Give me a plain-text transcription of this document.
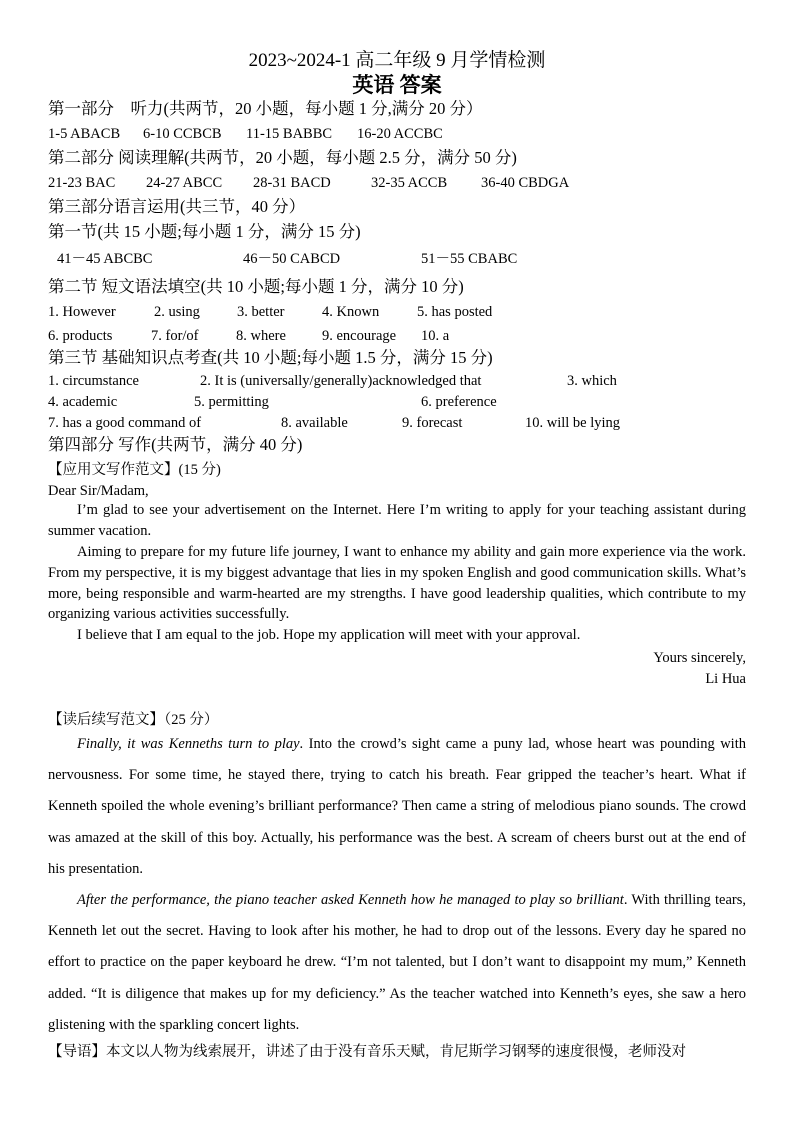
2023~2024-1 高二年级 9 月学情检测
英语 答案
第一部分　听力(共两节，20 小题，每小题 1 分,满分 20 分）
1-5 ABACB 6-10 CCBCB 11-15 BABBC 16-20 ACCBC
第二部分 阅读理解(共两节，20 小题，每小题 2.5 分，满分 50 分)
21-23 BAC 24-27 ABCC 28-31 BACD	32-35 ACCB 36-40 CBDGA
第三部分语言运用(共三节，40 分）
第一节(共 15 小题;每小题 1 分，满分 15 分)
41－45 ABCBC	46－50 CABCD	51－55 CBABC
第二节 短文语法填空(共 10 小题;每小题 1 分，满分 10 分)
1. However	2. using	3. better	4. Known	5. has posted
6. products	7. for/of	8. where 9. encourage 10. a
第三节 基础知识点考查(共 10 小题;每小题 1.5 分，满分 15 分)
1. circumstance	2. It is (universally/generally)acknowledged that	3. which
4. academic	5. permitting	6. preference
7. has a good command of	8. available	9. forecast	10. will be lying
第四部分 写作(共两节，满分 40 分)
【应用文写作范文】(15 分)
Dear Sir/Madam,
I’m glad to see your advertisement on the Internet. Here I’m writing to apply for your teaching assistant during summer vacation.
Aiming to prepare for my future life journey, I want to enhance my ability and gain more experience via the work. From my perspective, it is my biggest advantage that lies in my spoken English and good communication skills. What’s more, being responsible and warm-hearted are my strengths. I have good leadership qualities, which contribute to my organizing various activities successfully.
I believe that I am equal to the job. Hope my application will meet with your approval.
Yours sincerely,
Li Hua
【读后续写范文】（25 分）
Finally, it was Kenneths turn to play. Into the crowd’s sight came a puny lad, whose heart was pounding with nervousness. For some time, he stayed there, trying to catch his breath. Fear gripped the teacher’s heart. What if Kenneth spoiled the whole evening’s brilliant performance? Then came a string of melodious piano sounds. The crowd was amazed at the skill of this boy. Actually, his performance was the best. A scream of cheers burst out at the end of his presentation.
After the performance, the piano teacher asked Kenneth how he managed to play so brilliant. With thrilling tears, Kenneth let out the secret. Having to look after his mother, he had to drop out of the lessons. Every day he spared no effort to practice on the paper keyboard he drew. “I’m not talented, but I don’t want to disappoint my mum,” Kenneth added. “It is diligence that makes up for my deficiency.” As the teacher watched into Kenneth’s eyes, she saw a hero glistening with the sparkling concert lights.
【导语】本文以人物为线索展开，讲述了由于没有音乐天赋，肯尼斯学习钢琴的速度很慢，老师没对
